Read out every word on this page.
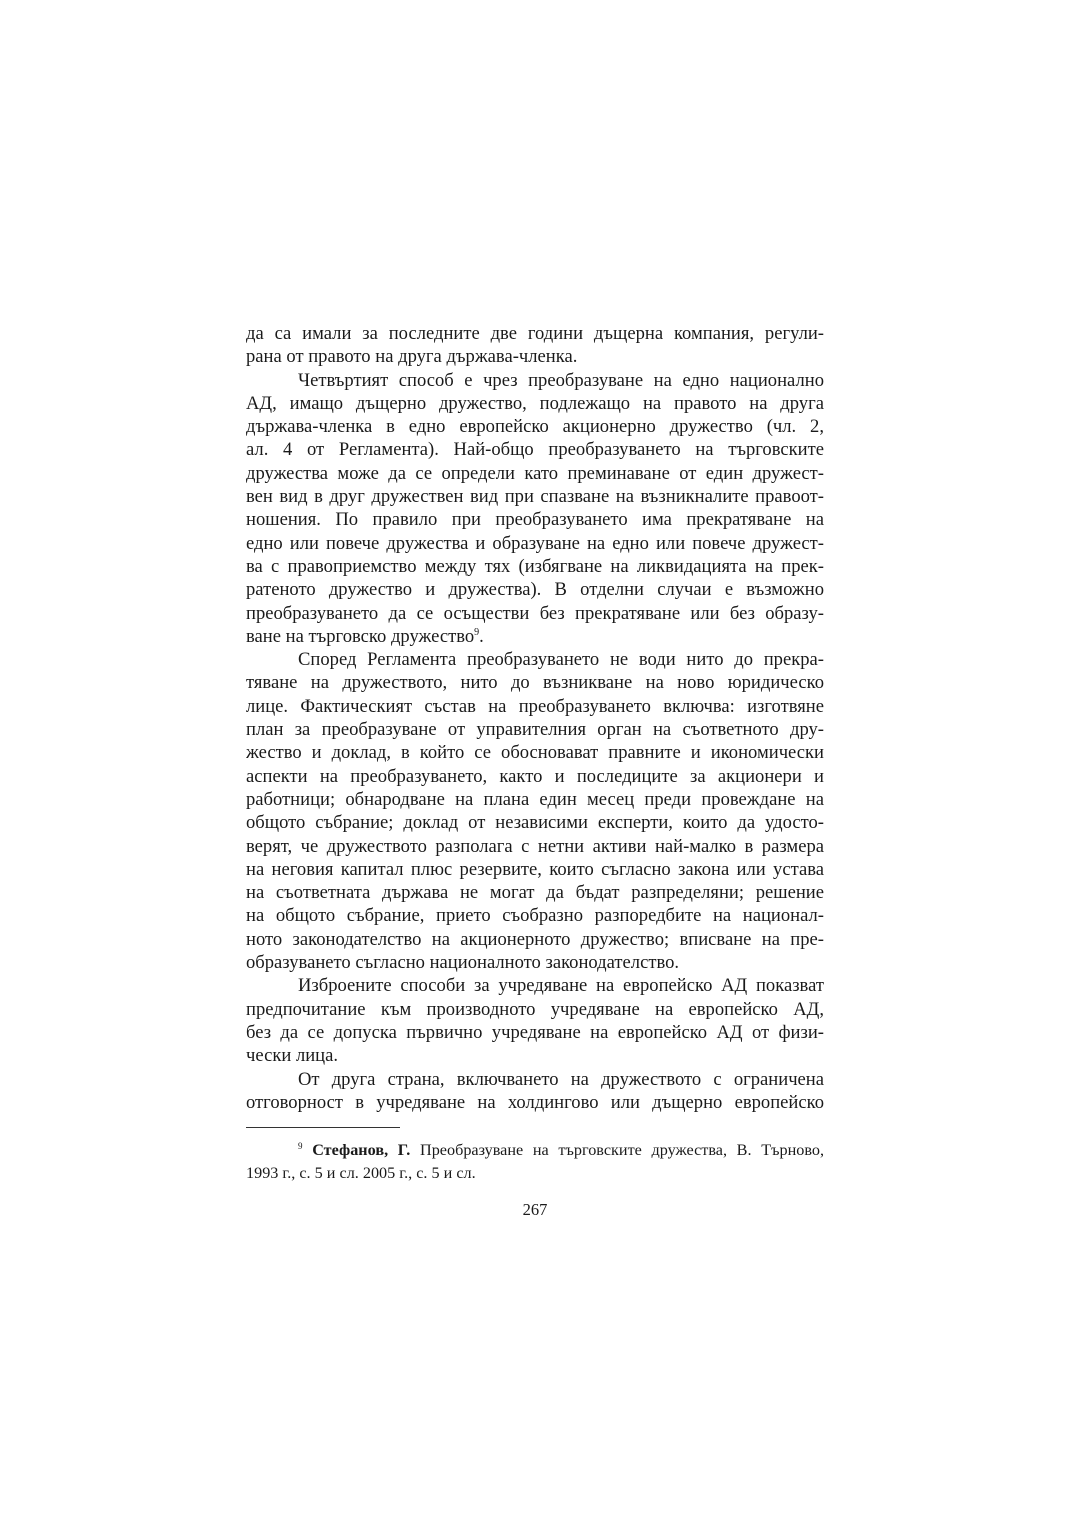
да са имали за последните две години дъщерна компания, регули-
рана от правото на друга държава-членка.
Четвъртият способ е чрез преобразуване на едно национално
АД, имащо дъщерно дружество, подлежащо на правото на друга
държава-членка в едно европейско акционерно дружество (чл. 2,
ал. 4 от Регламента). Най-общо преобразуването на търговските
дружества може да се определи като преминаване от един дружест-
вен вид в друг дружествен вид при спазване на възникналите правоот-
ношения. По правило при преобразуването има прекратяване на
едно или повече дружества и образуване на едно или повече дружест-
ва с правоприемство между тях (избягване на ликвидацията на прек-
ратеното дружество и дружества). В отделни случаи е възможно
преобразуването да се осъществи без прекратяване или без образу-
ване на търговско дружество$^9$.
Според Регламента преобразуването не води нито до прекра-
тяване на дружеството, нито до възникване на ново юридическо
лице. Фактическият състав на преобразуването включва: изготвяне
план за преобразуване от управителния орган на съответното дру-
жество и доклад, в който се обосновават правните и икономически
аспекти на преобразуването, както и последиците за акционери и
работници; обнародване на плана един месец преди провеждане на
общото събрание; доклад от независими експерти, които да удосто-
верят, че дружеството разполага с нетни активи най-малко в размера
на неговия капитал плюс резервите, които съгласно закона или устава
на съответната държава не могат да бъдат разпределяни; решение
на общото събрание, прието съобразно разпоредбите на национал-
ното законодателство на акционерното дружество; вписване на пре-
образуването съгласно националното законодателство.
Изброените способи за учредяване на европейско АД показват
предпочитание към производното учредяване на европейско АД,
без да се допуска първично учредяване на европейско АД от физи-
чески лица.
От друга страна, включването на дружеството с ограничена
отговорност в учредяване на холдингово или дъщерно европейско
$^9$ Стефанов, Г. Преобразуване на търговските дружества, В. Търново,
1993 г., с. 5 и сл. 2005 г., с. 5 и сл.
267
